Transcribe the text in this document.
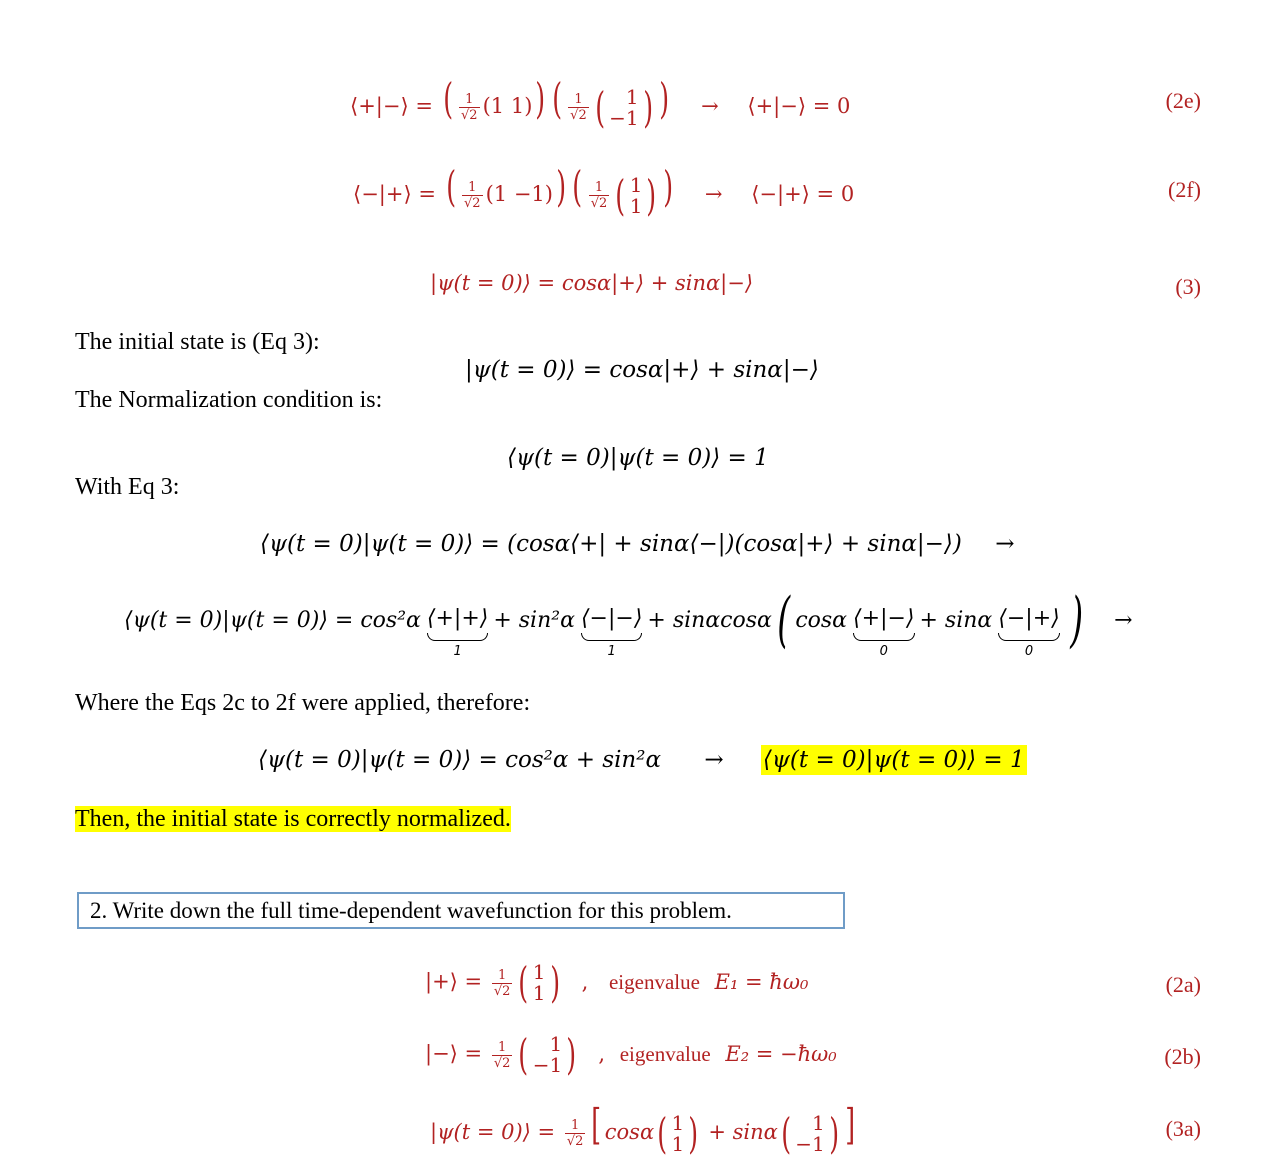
⟨+|−⟩ = ( $\frac{1}{√2} (1$ 1)) ( $\frac{1}{√2}$ ( 1
−1 ) ) → ⟨+|−⟩ = 0	(2e)
⟨−|+⟩ = ( $\frac{1}{√2} (1 -1)$) ( $\frac{1}{√2}$ ( 1
1 ) ) → ⟨−|+⟩ = 0	(2f)
|ψ(t = 0)⟩ = cosα|+⟩ + sinα|−⟩	(3)
The initial state is (Eq 3):
|ψ(t = 0)⟩ = cosα|+⟩ + sinα|−⟩
The Normalization condition is:
⟨ψ(t = 0)|ψ(t = 0)⟩ = 1
With Eq 3:
⟨ψ(t = 0)|ψ(t = 0)⟩ = (cosα⟨+| + sinα⟨−|)(cosα|+⟩ + sinα|−⟩) →
⟨ψ(t = 0)|ψ(t = 0)⟩ = cos²α ⟨+|+⟩
1
+ sin²α ⟨−|−⟩
1
+ sinαcosα ( cosα ⟨+|−⟩
0
+ sinα ⟨−|+⟩
0 ) →
Where the Eqs 2c to 2f were applied, therefore:
⟨ψ(t = 0)|ψ(t = 0)⟩ = cos²α + sin²α → ⟨ψ(t = 0)|ψ(t = 0)⟩ = 1
Then, the initial state is correctly normalized.
2. Write down the full time-dependent wavefunction for this problem.
|+⟩ = $\frac{1}{√2}$ ( 1
1 ) , eigenvalue E₁ = ħω₀	(2a)
|−⟩ = $\frac{1}{√2}$ ( 1
−1 ) , eigenvalue E₂ = −ħω₀	(2b)
|ψ(t = 0)⟩ = $\frac{1}{√2}$ [ cosα ( 1
1 ) + sinα ( 1
−1 ) ]	(3a)
